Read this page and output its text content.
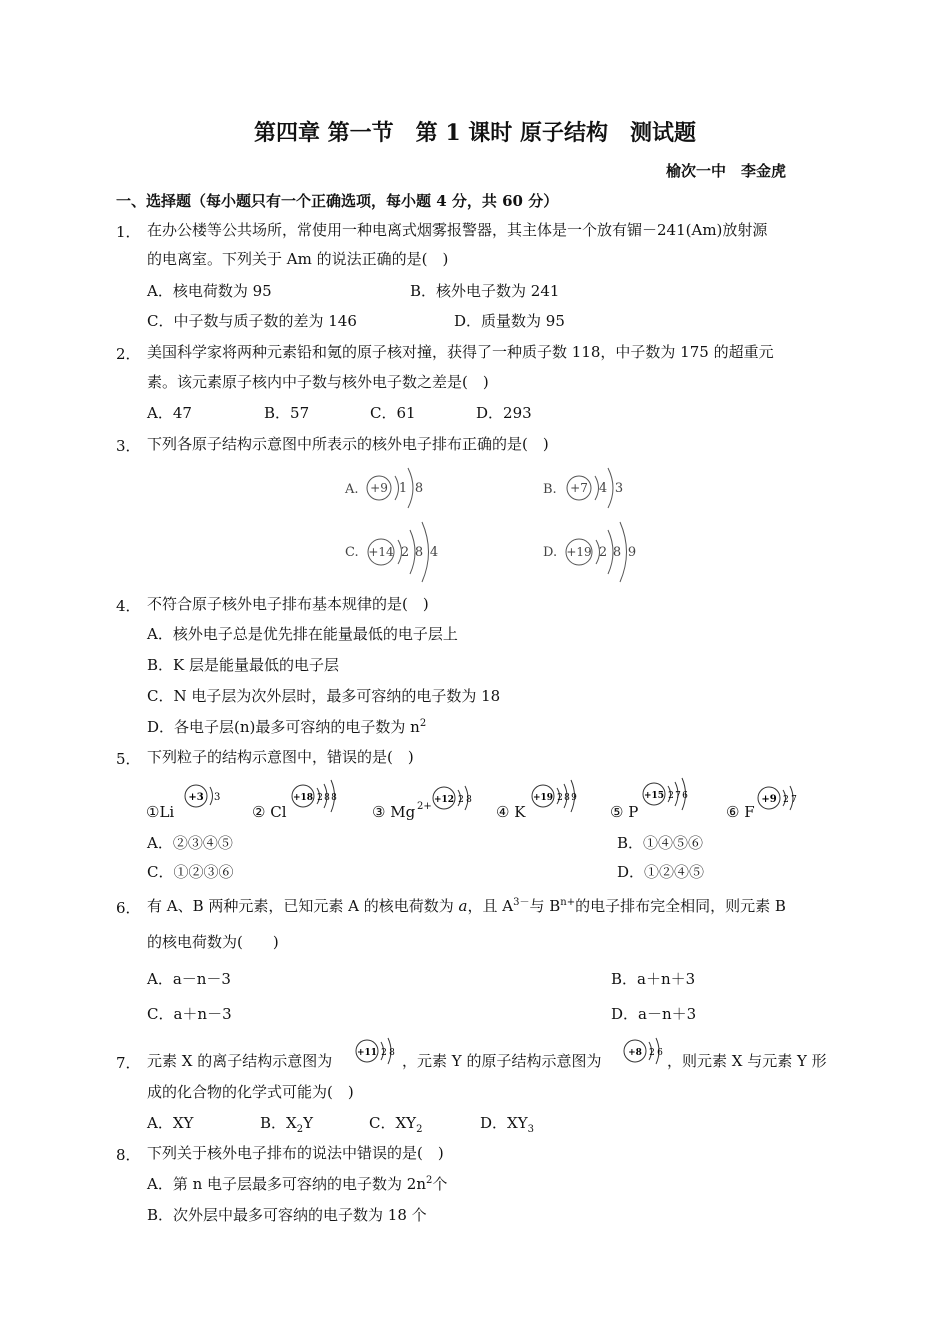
第四章 第一节　第 1 课时 原子结构　测试题
榆次一中　李金虎
一、选择题（每小题只有一个正确选项，每小题 4 分，共 60 分）
1． 在办公楼等公共场所，常使用一种电离式烟雾报警器，其主体是一个放有镅－241(Am)放射源
的电离室。下列关于 Am 的说法正确的是(　)
A．核电荷数为 95	B．核外电子数为 241
C．中子数与质子数的差为 146	D．质量数为 95
2． 美国科学家将两种元素铅和氪的原子核对撞，获得了一种质子数 118，中子数为 175 的超重元
素。该元素原子核内中子数与核外电子数之差是(　)
A．47	B．57	C．61	D．293
3． 下列各原子结构示意图中所表示的核外电子排布正确的是(　)
A. +9 1 8	B. +7 4 3
C. +14 2 8 4	D. +19 2 8 9
4． 不符合原子核外电子排布基本规律的是(　)
A．核外电子总是优先排在能量最低的电子层上
B．K 层是能量最低的电子层
C．N 电子层为次外层时，最多可容纳的电子数为 18
D．各电子层(n)最多可容纳的电子数为 $n^2$
5． 下列粒子的结构示意图中，错误的是(　)
①Li
+3 3
② Cl
+18 2 8 8
③ Mg 2+
+12 2 8
④ K
+19 2 8 9
⑤ P
+15 2 7 6
⑥ F
+9 2 7
A．②③④⑤	B．①④⑤⑥
C．①②③⑥	D．①②④⑤
6． 有 A、B 两种元素，已知元素 A 的核电荷数为 a，且 $A^{3-}$与 $B^{n+}$的电子排布完全相同，则元素 B
的核电荷数为(　　)
A．a－n－3	B．a＋n＋3
C．a＋n－3	D．a－n＋3
7． 元素 X 的离子结构示意图为	+11 2 8 ，元素 Y 的原子结构示意图为	+8 2 6 ，则元素 X 与元素 Y 形
成的化合物的化学式可能为(　)
A．XY	B．$X_2Y$	C．$XY_2$	D．$XY_3$
8． 下列关于核外电子排布的说法中错误的是(　)
A．第 n 电子层最多可容纳的电子数为 $2n^2$个
B．次外层中最多可容纳的电子数为 18 个
